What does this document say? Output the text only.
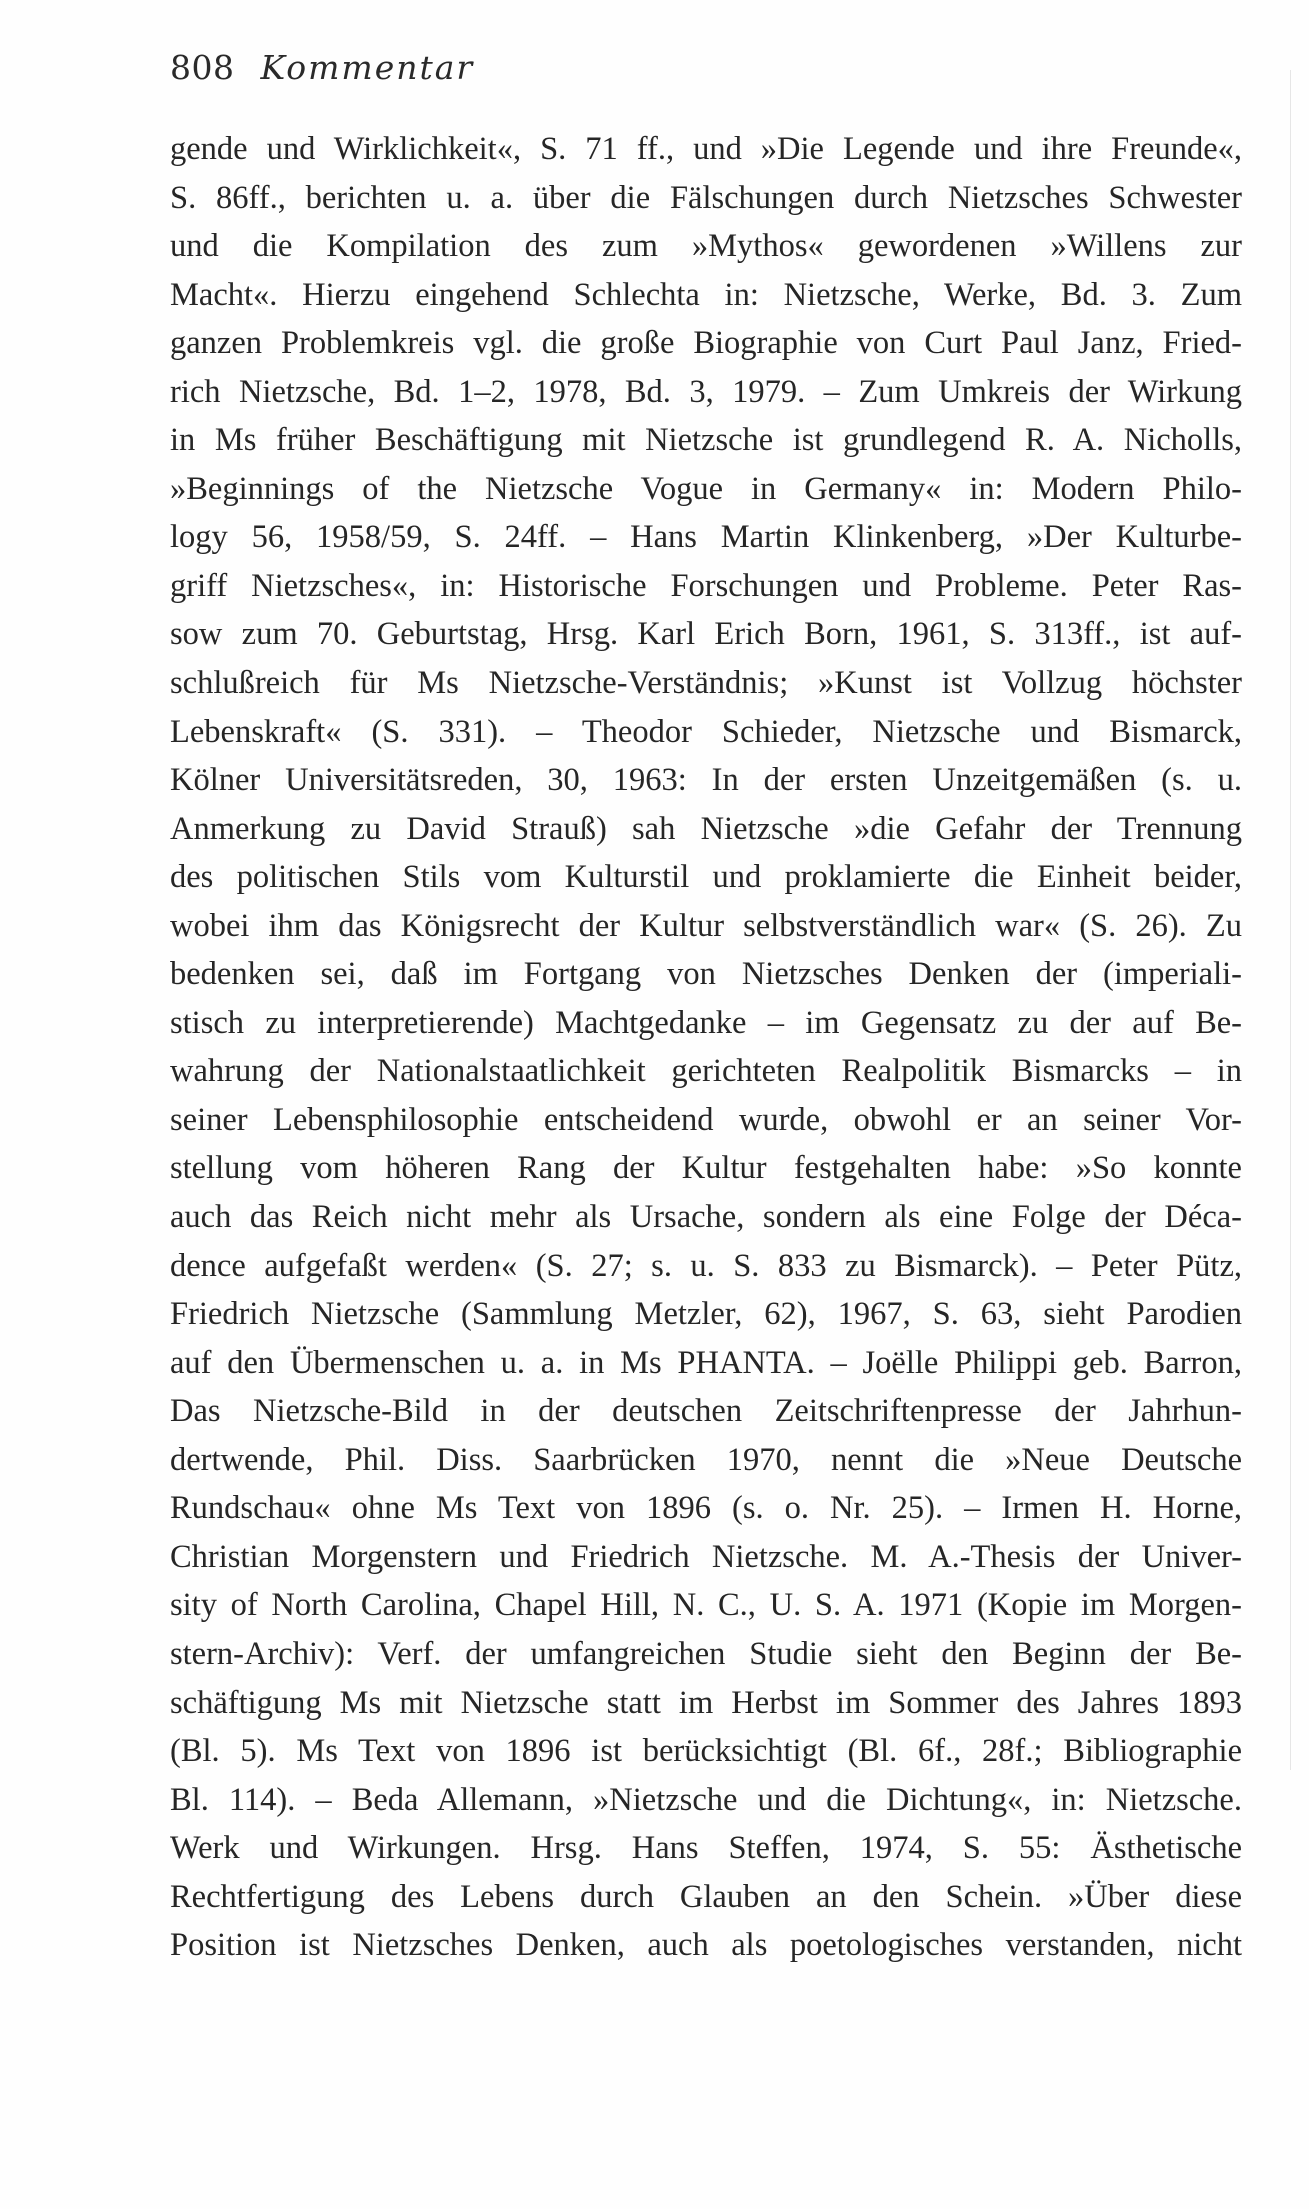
808 Kommentar
gende und Wirklichkeit«, S. 71 ff., und »Die Legende und ihre Freunde«,
S. 86ff., berichten u. a. über die Fälschungen durch Nietzsches Schwester
und die Kompilation des zum »Mythos« gewordenen »Willens zur
Macht«. Hierzu eingehend Schlechta in: Nietzsche, Werke, Bd. 3. Zum
ganzen Problemkreis vgl. die große Biographie von Curt Paul Janz, Fried-
rich Nietzsche, Bd. 1–2, 1978, Bd. 3, 1979. – Zum Umkreis der Wirkung
in Ms früher Beschäftigung mit Nietzsche ist grundlegend R. A. Nicholls,
»Beginnings of the Nietzsche Vogue in Germany« in: Modern Philo-
logy 56, 1958/59, S. 24ff. – Hans Martin Klinkenberg, »Der Kulturbe-
griff Nietzsches«, in: Historische Forschungen und Probleme. Peter Ras-
sow zum 70. Geburtstag, Hrsg. Karl Erich Born, 1961, S. 313ff., ist auf-
schlußreich für Ms Nietzsche-Verständnis; »Kunst ist Vollzug höchster
Lebenskraft« (S. 331). – Theodor Schieder, Nietzsche und Bismarck,
Kölner Universitätsreden, 30, 1963: In der ersten Unzeitgemäßen (s. u.
Anmerkung zu David Strauß) sah Nietzsche »die Gefahr der Trennung
des politischen Stils vom Kulturstil und proklamierte die Einheit beider,
wobei ihm das Königsrecht der Kultur selbstverständlich war« (S. 26). Zu
bedenken sei, daß im Fortgang von Nietzsches Denken der (imperiali-
stisch zu interpretierende) Machtgedanke – im Gegensatz zu der auf Be-
wahrung der Nationalstaatlichkeit gerichteten Realpolitik Bismarcks – in
seiner Lebensphilosophie entscheidend wurde, obwohl er an seiner Vor-
stellung vom höheren Rang der Kultur festgehalten habe: »So konnte
auch das Reich nicht mehr als Ursache, sondern als eine Folge der Déca-
dence aufgefaßt werden« (S. 27; s. u. S. 833 zu Bismarck). – Peter Pütz,
Friedrich Nietzsche (Sammlung Metzler, 62), 1967, S. 63, sieht Parodien
auf den Übermenschen u. a. in Ms PHANTA. – Joëlle Philippi geb. Barron,
Das Nietzsche-Bild in der deutschen Zeitschriftenpresse der Jahrhun-
dertwende, Phil. Diss. Saarbrücken 1970, nennt die »Neue Deutsche
Rundschau« ohne Ms Text von 1896 (s. o. Nr. 25). – Irmen H. Horne,
Christian Morgenstern und Friedrich Nietzsche. M. A.-Thesis der Univer-
sity of North Carolina, Chapel Hill, N. C., U. S. A. 1971 (Kopie im Morgen-
stern-Archiv): Verf. der umfangreichen Studie sieht den Beginn der Be-
schäftigung Ms mit Nietzsche statt im Herbst im Sommer des Jahres 1893
(Bl. 5). Ms Text von 1896 ist berücksichtigt (Bl. 6f., 28f.; Bibliographie
Bl. 114). – Beda Allemann, »Nietzsche und die Dichtung«, in: Nietzsche.
Werk und Wirkungen. Hrsg. Hans Steffen, 1974, S. 55: Ästhetische
Rechtfertigung des Lebens durch Glauben an den Schein. »Über diese
Position ist Nietzsches Denken, auch als poetologisches verstanden, nicht
